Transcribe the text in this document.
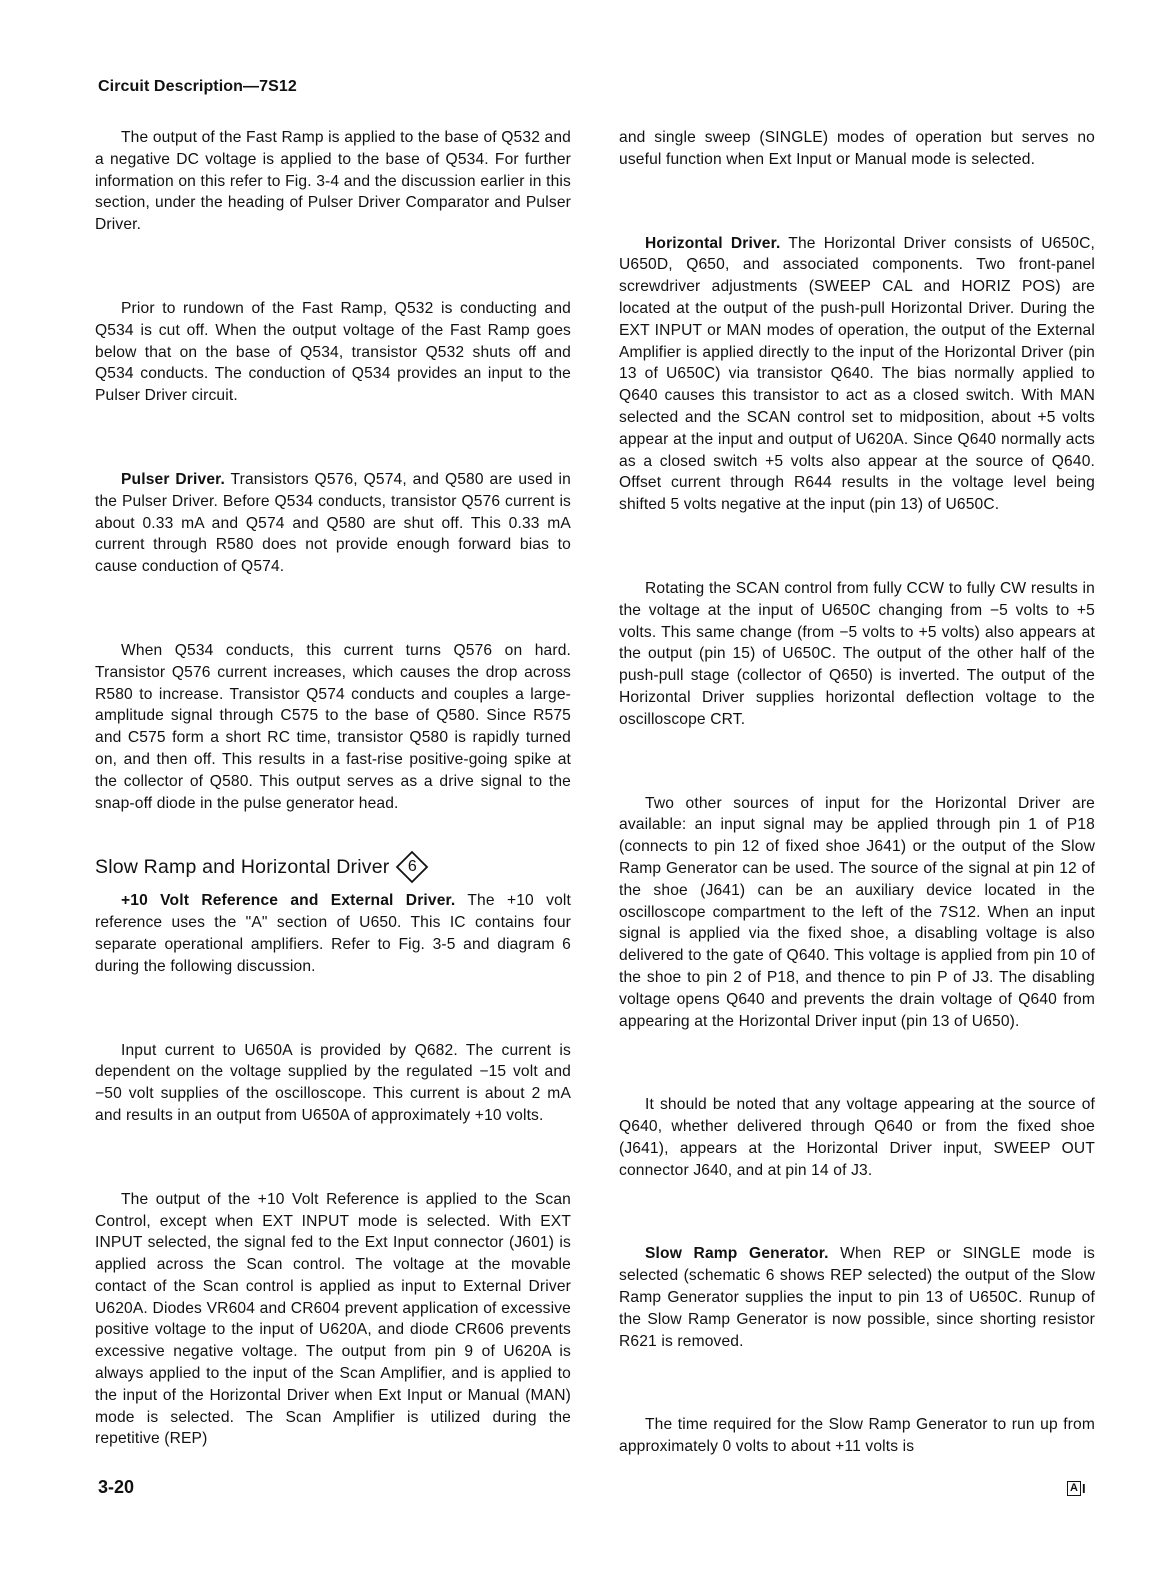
Circuit Description—7S12

The output of the Fast Ramp is applied to the base of Q532 and a negative DC voltage is applied to the base of Q534. For further information on this refer to Fig. 3-4 and the discussion earlier in this section, under the heading of Pulser Driver Comparator and Pulser Driver.

Prior to rundown of the Fast Ramp, Q532 is conducting and Q534 is cut off. When the output voltage of the Fast Ramp goes below that on the base of Q534, transistor Q532 shuts off and Q534 conducts. The conduction of Q534 provides an input to the Pulser Driver circuit.

Pulser Driver. Transistors Q576, Q574, and Q580 are used in the Pulser Driver. Before Q534 conducts, transistor Q576 current is about 0.33 mA and Q574 and Q580 are shut off. This 0.33 mA current through R580 does not provide enough forward bias to cause conduction of Q574.

When Q534 conducts, this current turns Q576 on hard. Transistor Q576 current increases, which causes the drop across R580 to increase. Transistor Q574 conducts and couples a large-amplitude signal through C575 to the base of Q580. Since R575 and C575 form a short RC time, transistor Q580 is rapidly turned on, and then off. This results in a fast-rise positive-going spike at the collector of Q580. This output serves as a drive signal to the snap-off diode in the pulse generator head.

Slow Ramp and Horizontal Driver	6

+10 Volt Reference and External Driver. The +10 volt reference uses the "A" section of U650. This IC contains four separate operational amplifiers. Refer to Fig. 3-5 and diagram 6 during the following discussion.

Input current to U650A is provided by Q682. The current is dependent on the voltage supplied by the regulated −15 volt and −50 volt supplies of the oscilloscope. This current is about 2 mA and results in an output from U650A of approximately +10 volts.

The output of the +10 Volt Reference is applied to the Scan Control, except when EXT INPUT mode is selected. With EXT INPUT selected, the signal fed to the Ext Input connector (J601) is applied across the Scan control. The voltage at the movable contact of the Scan control is applied as input to External Driver U620A. Diodes VR604 and CR604 prevent application of excessive positive voltage to the input of U620A, and diode CR606 prevents excessive negative voltage. The output from pin 9 of U620A is always applied to the input of the Scan Amplifier, and is applied to the input of the Horizontal Driver when Ext Input or Manual (MAN) mode is selected. The Scan Amplifier is utilized during the repetitive (REP)

and single sweep (SINGLE) modes of operation but serves no useful function when Ext Input or Manual mode is selected.

Horizontal Driver. The Horizontal Driver consists of U650C, U650D, Q650, and associated components. Two front-panel screwdriver adjustments (SWEEP CAL and HORIZ POS) are located at the output of the push-pull Horizontal Driver. During the EXT INPUT or MAN modes of operation, the output of the External Amplifier is applied directly to the input of the Horizontal Driver (pin 13 of U650C) via transistor Q640. The bias normally applied to Q640 causes this transistor to act as a closed switch. With MAN selected and the SCAN control set to midposition, about +5 volts appear at the input and output of U620A. Since Q640 normally acts as a closed switch +5 volts also appear at the source of Q640. Offset current through R644 results in the voltage level being shifted 5 volts negative at the input (pin 13) of U650C.

Rotating the SCAN control from fully CCW to fully CW results in the voltage at the input of U650C changing from −5 volts to +5 volts. This same change (from −5 volts to +5 volts) also appears at the output (pin 15) of U650C. The output of the other half of the push-pull stage (collector of Q650) is inverted. The output of the Horizontal Driver supplies horizontal deflection voltage to the oscilloscope CRT.

Two other sources of input for the Horizontal Driver are available: an input signal may be applied through pin 1 of P18 (connects to pin 12 of fixed shoe J641) or the output of the Slow Ramp Generator can be used. The source of the signal at pin 12 of the shoe (J641) can be an auxiliary device located in the oscilloscope compartment to the left of the 7S12. When an input signal is applied via the fixed shoe, a disabling voltage is also delivered to the gate of Q640. This voltage is applied from pin 10 of the shoe to pin 2 of P18, and thence to pin P of J3. The disabling voltage opens Q640 and prevents the drain voltage of Q640 from appearing at the Horizontal Driver input (pin 13 of U650).

It should be noted that any voltage appearing at the source of Q640, whether delivered through Q640 or from the fixed shoe (J641), appears at the Horizontal Driver input, SWEEP OUT connector J640, and at pin 14 of J3.

Slow Ramp Generator. When REP or SINGLE mode is selected (schematic 6 shows REP selected) the output of the Slow Ramp Generator supplies the input to pin 13 of U650C. Runup of the Slow Ramp Generator is now possible, since shorting resistor R621 is removed.

The time required for the Slow Ramp Generator to run up from approximately 0 volts to about +11 volts is

3-20	A I
